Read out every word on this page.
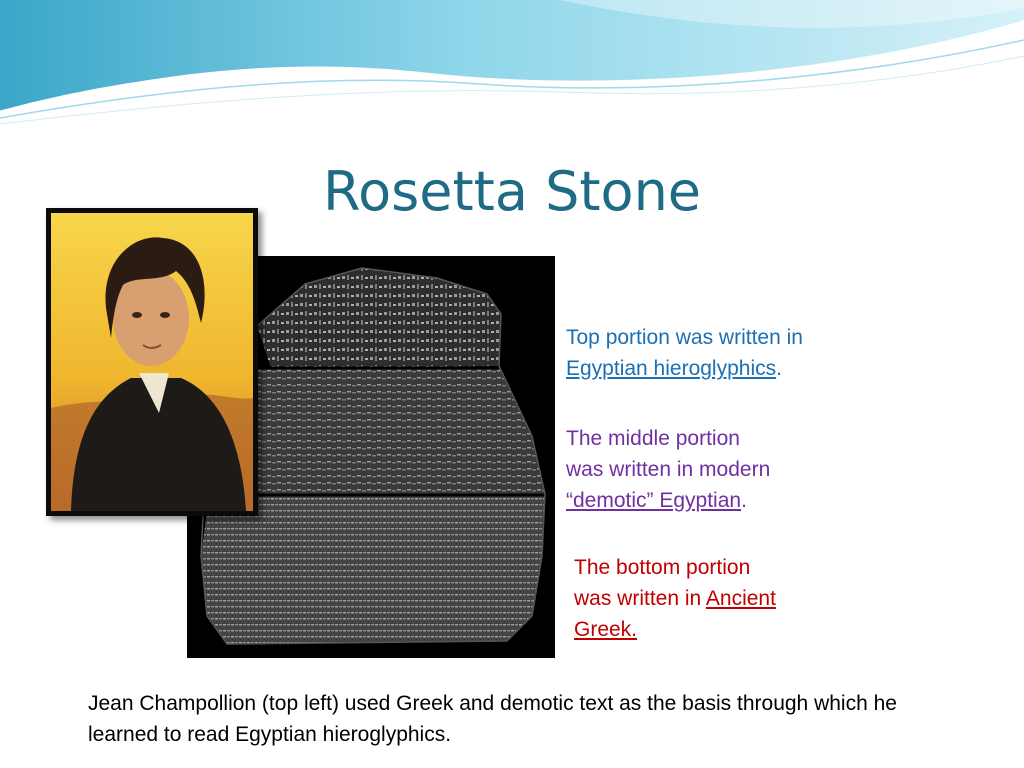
Rosetta Stone
Top portion was written in
Egyptian hieroglyphics.
The middle portion
was written in modern
“demotic” Egyptian.
The bottom portion
was written in Ancient
Greek.
Jean Champollion (top left) used Greek and demotic text as the basis through which he learned to read Egyptian hieroglyphics.
